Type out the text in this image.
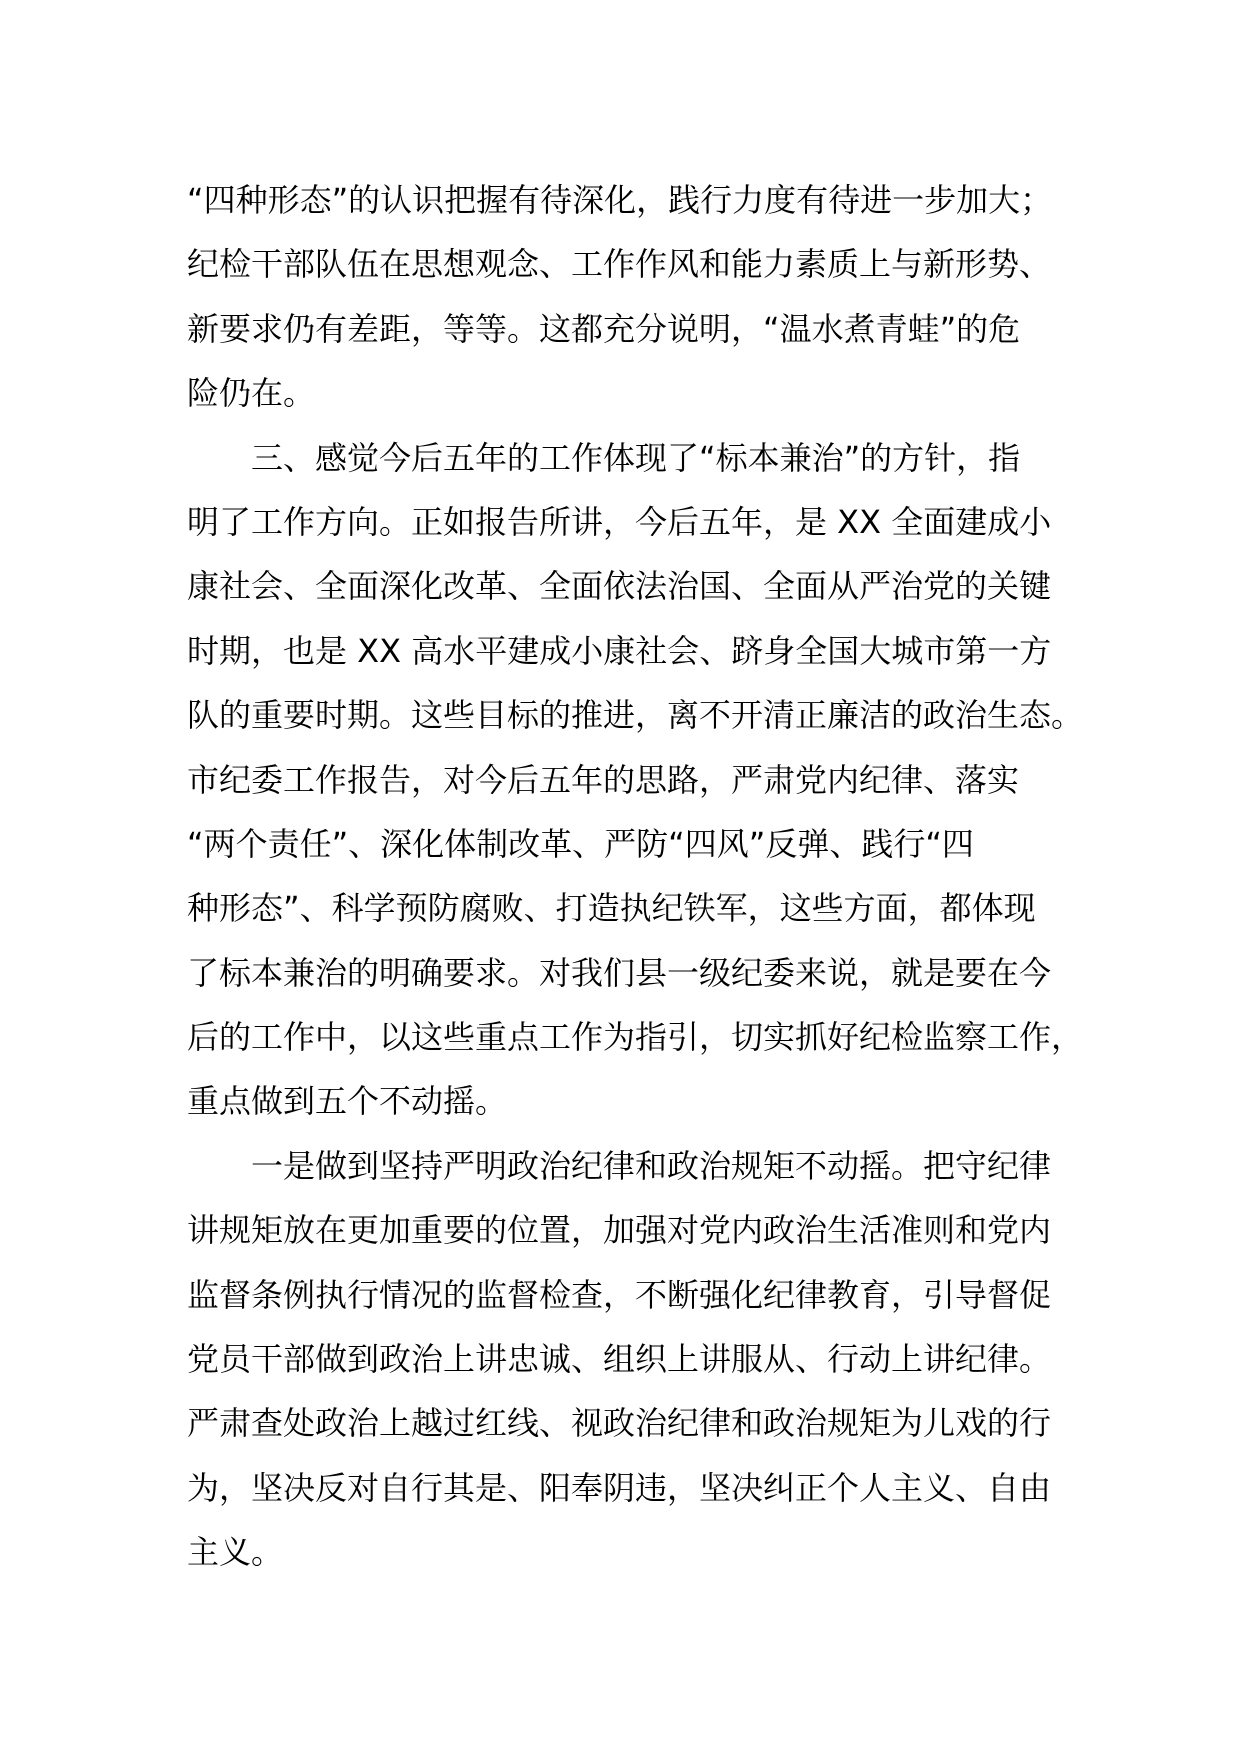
“四种形态”的认识把握有待深化，践行力度有待进一步加大；
纪检干部队伍在思想观念、工作作风和能力素质上与新形势、
新要求仍有差距，等等。这都充分说明，“温水煮青蛙”的危
险仍在。

三、感觉今后五年的工作体现了“标本兼治”的方针，指
明了工作方向。正如报告所讲，今后五年，是 XX 全面建成小
康社会、全面深化改革、全面依法治国、全面从严治党的关键
时期，也是 XX 高水平建成小康社会、跻身全国大城市第一方
队的重要时期。这些目标的推进，离不开清正廉洁的政治生态。
市纪委工作报告，对今后五年的思路，严肃党内纪律、落实
“两个责任”、深化体制改革、严防“四风”反弹、践行“四
种形态”、科学预防腐败、打造执纪铁军，这些方面，都体现
了标本兼治的明确要求。对我们县一级纪委来说，就是要在今
后的工作中，以这些重点工作为指引，切实抓好纪检监察工作，
重点做到五个不动摇。

一是做到坚持严明政治纪律和政治规矩不动摇。把守纪律
讲规矩放在更加重要的位置，加强对党内政治生活准则和党内
监督条例执行情况的监督检查，不断强化纪律教育，引导督促
党员干部做到政治上讲忠诚、组织上讲服从、行动上讲纪律。
严肃查处政治上越过红线、视政治纪律和政治规矩为儿戏的行
为，坚决反对自行其是、阳奉阴违，坚决纠正个人主义、自由
主义。
